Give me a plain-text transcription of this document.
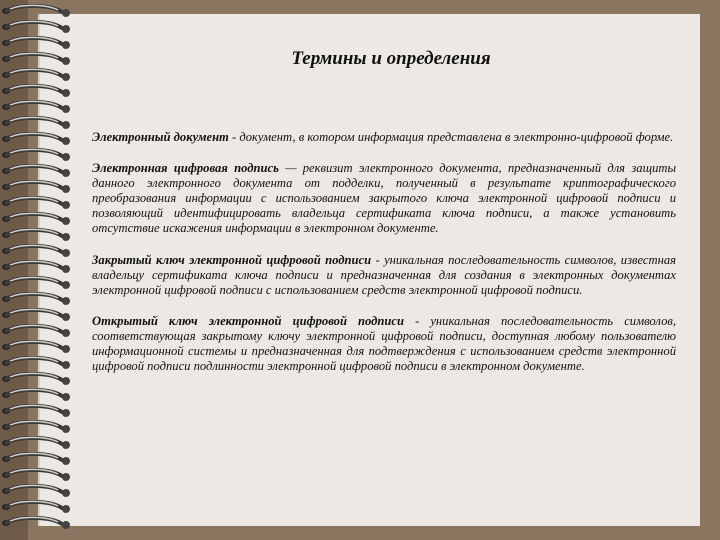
Термины и определения

Электронный документ - документ, в котором информация представлена в электронно-цифровой форме.

Электронная цифровая подпись — реквизит электронного документа, предназначенный для защиты данного электронного документа от подделки, полученный в результате криптографического преобразования информации с использованием закрытого ключа электронной цифровой подписи и позволяющий идентифицировать владельца сертификата ключа подписи, а также установить отсутствие искажения информации в электронном документе.

Закрытый ключ электронной цифровой подписи - уникальная последовательность символов, известная владельцу сертификата ключа подписи и предназначенная для создания в электронных документах электронной цифровой подписи с использованием средств электронной цифровой подписи.

Открытый ключ электронной цифровой подписи - уникальная последовательность символов, соответствующая закрытому ключу электронной цифровой подписи, доступная любому пользователю информационной системы и предназначенная для подтверждения с использованием средств электронной цифровой подписи подлинности электронной цифровой подписи в электронном документе.
